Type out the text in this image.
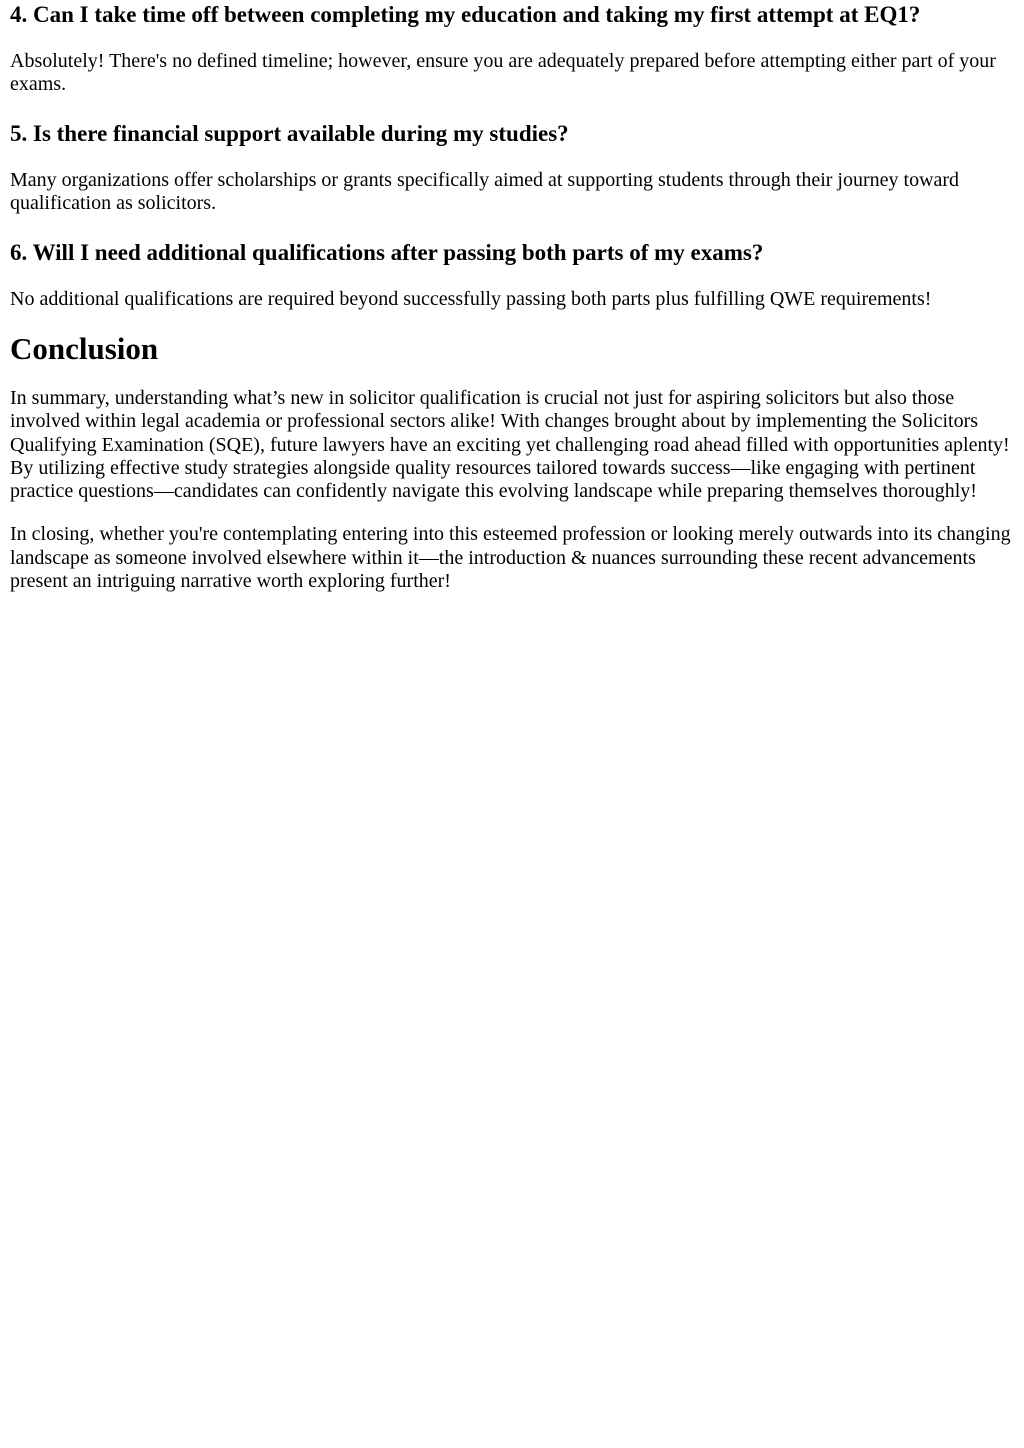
4. Can I take time off between completing my education and taking my first attempt at EQ1?

Absolutely! There's no defined timeline; however, ensure you are adequately prepared before attempting either part of your exams.

5. Is there financial support available during my studies?

Many organizations offer scholarships or grants specifically aimed at supporting students through their journey toward qualification as solicitors.

6. Will I need additional qualifications after passing both parts of my exams?

No additional qualifications are required beyond successfully passing both parts plus fulfilling QWE requirements!

Conclusion

In summary, understanding what’s new in solicitor qualification is crucial not just for aspiring solicitors but also those involved within legal academia or professional sectors alike! With changes brought about by implementing the Solicitors Qualifying Examination (SQE), future lawyers have an exciting yet challenging road ahead filled with opportunities aplenty! By utilizing effective study strategies alongside quality resources tailored towards success—like engaging with pertinent practice questions—candidates can confidently navigate this evolving landscape while preparing themselves thoroughly!

In closing, whether you're contemplating entering into this esteemed profession or looking merely outwards into its changing landscape as someone involved elsewhere within it—the introduction & nuances surrounding these recent advancements present an intriguing narrative worth exploring further!
